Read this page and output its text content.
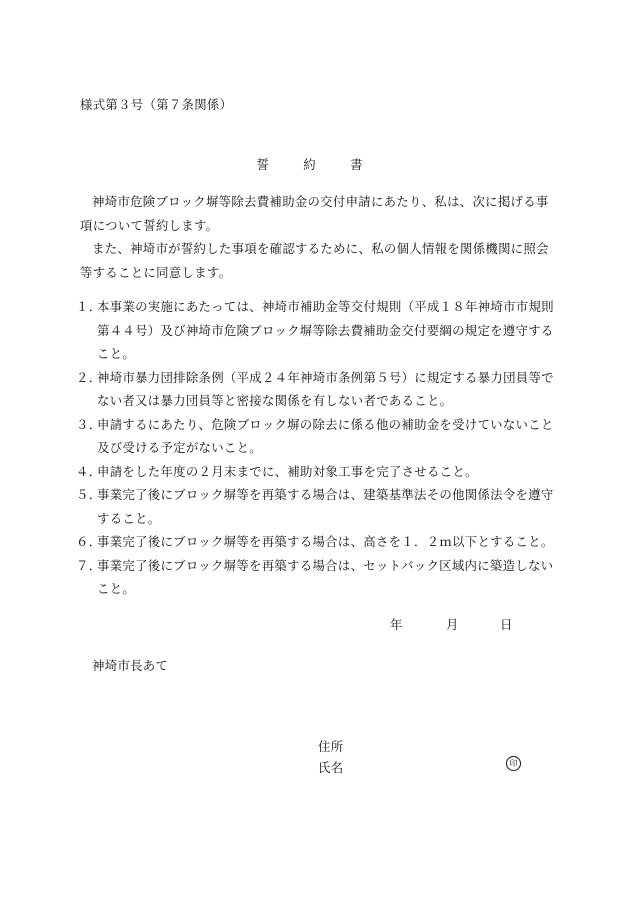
様式第３号（第７条関係）
誓　約　書

神埼市危険ブロック塀等除去費補助金の交付申請にあたり、私は、次に掲げる事項について誓約します。

また、神埼市が誓約した事項を確認するために、私の個人情報を関係機関に照会等することに同意します。

１．
本事業の実施にあたっては、神埼市補助金等交付規則（平成１８年神埼市市規則第４４号）及び神埼市危険ブロック塀等除去費補助金交付要綱の規定を遵守すること。
２．
神埼市暴力団排除条例（平成２４年神埼市条例第５号）に規定する暴力団員等でない者又は暴力団員等と密接な関係を有しない者であること。
３．
申請するにあたり、危険ブロック塀の除去に係る他の補助金を受けていないこと及び受ける予定がないこと。
４．
申請をした年度の２月末までに、補助対象工事を完了させること。
５．
事業完了後にブロック塀等を再築する場合は、建築基準法その他関係法令を遵守すること。
６．
事業完了後にブロック塀等を再築する場合は、高さを１．２ｍ以下とすること。
７．
事業完了後にブロック塀等を再築する場合は、セットバック区域内に築造しないこと。
年	月	日
神埼市長あて
住所
氏名	印
